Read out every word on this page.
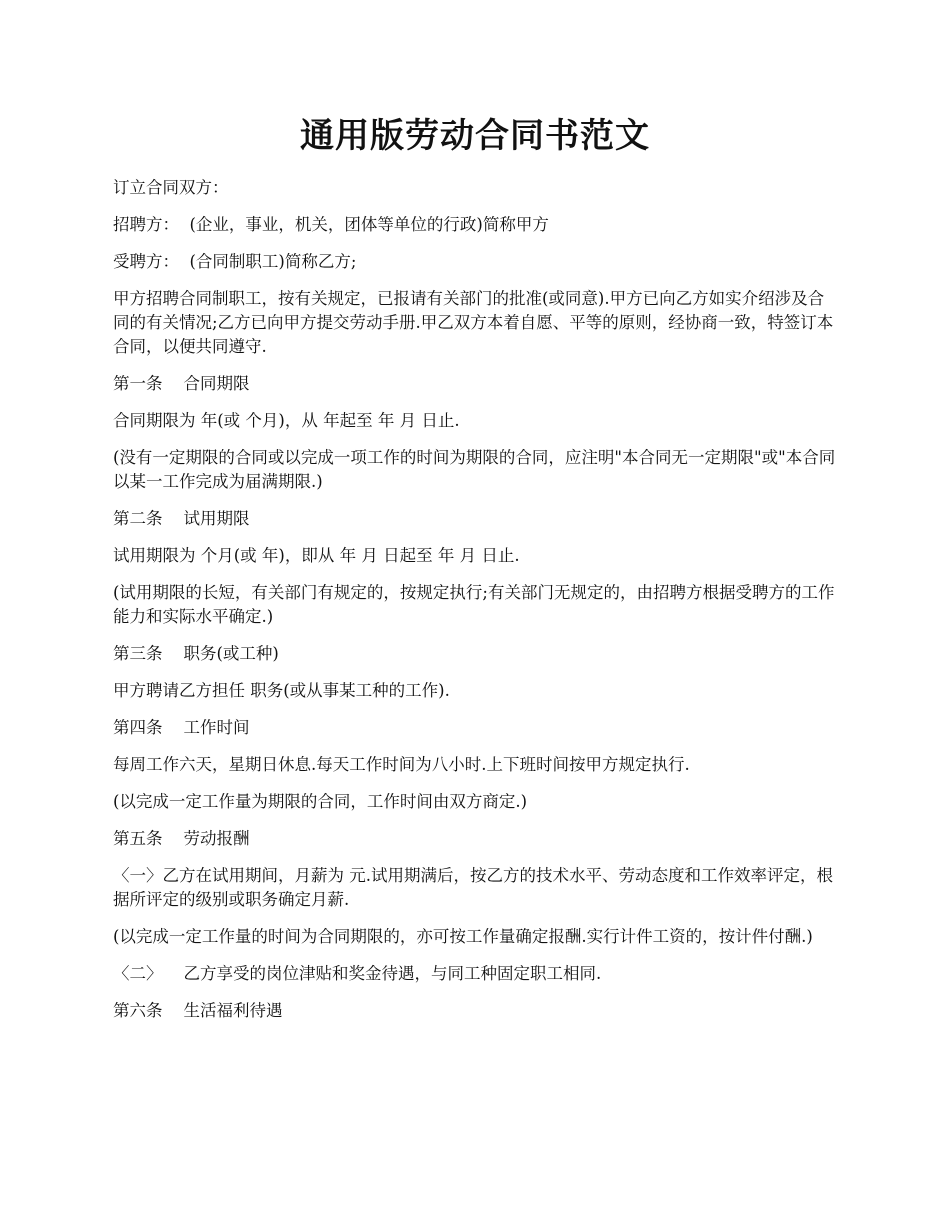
通用版劳动合同书范文

订立合同双方：

招聘方：  (企业，事业，机关，团体等单位的行政)简称甲方

受聘方：  (合同制职工)简称乙方;

甲方招聘合同制职工，按有关规定，已报请有关部门的批准(或同意).甲方已向乙方如实介绍涉及合同的有关情况;乙方已向甲方提交劳动手册.甲乙双方本着自愿、平等的原则，经协商一致，特签订本合同，以便共同遵守.

第一条    合同期限

合同期限为 年(或 个月)，从 年起至 年 月 日止.

(没有一定期限的合同或以完成一项工作的时间为期限的合同，应注明"本合同无一定期限"或"本合同以某一工作完成为届满期限.)

第二条    试用期限

试用期限为 个月(或 年)，即从 年 月 日起至 年 月 日止.

(试用期限的长短，有关部门有规定的，按规定执行;有关部门无规定的，由招聘方根据受聘方的工作能力和实际水平确定.)

第三条    职务(或工种)

甲方聘请乙方担任 职务(或从事某工种的工作).

第四条    工作时间

每周工作六天，星期日休息.每天工作时间为八小时.上下班时间按甲方规定执行.

(以完成一定工作量为期限的合同，工作时间由双方商定.)

第五条    劳动报酬

〈一〉乙方在试用期间，月薪为 元.试用期满后，按乙方的技术水平、劳动态度和工作效率评定，根据所评定的级别或职务确定月薪.

(以完成一定工作量的时间为合同期限的，亦可按工作量确定报酬.实行计件工资的，按计件付酬.)

〈二〉    乙方享受的岗位津贴和奖金待遇，与同工种固定职工相同.

第六条    生活福利待遇
